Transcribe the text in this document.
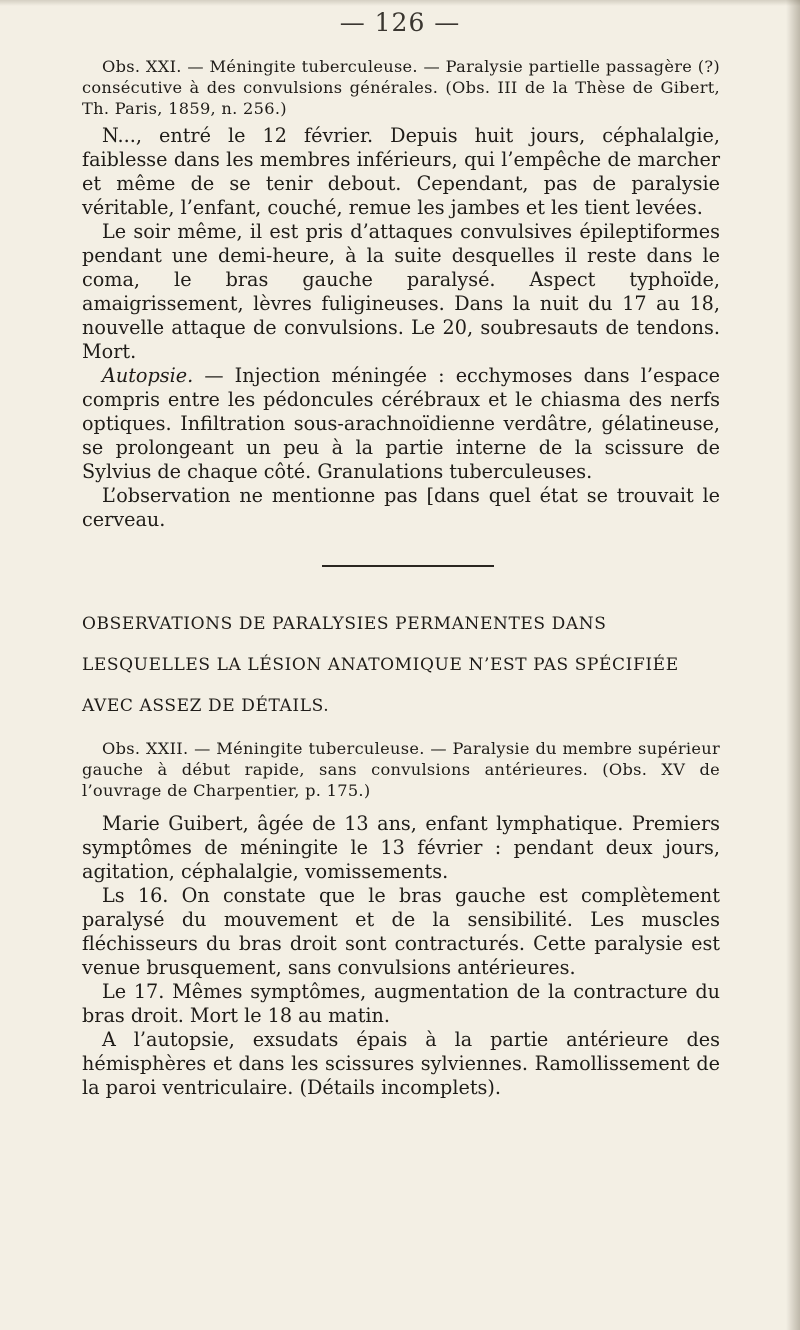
— 126 —

Obs. XXI. — Méningite tuberculeuse. — Paralysie partielle passagère (?) consécutive à des convulsions générales. (Obs. III de la Thèse de Gibert, Th. Paris, 1859, n. 256.)

N..., entré le 12 février. Depuis huit jours, céphalalgie, faiblesse dans les membres inférieurs, qui l’empêche de marcher et même de se tenir debout. Cependant, pas de paralysie véritable, l’enfant, couché, remue les jambes et les tient levées.

Le soir même, il est pris d’attaques convulsives épileptiformes pendant une demi-heure, à la suite desquelles il reste dans le coma, le bras gauche paralysé. Aspect typhoïde, amaigrissement, lèvres fuligineuses. Dans la nuit du 17 au 18, nouvelle attaque de convulsions. Le 20, soubresauts de tendons. Mort.

Autopsie. — Injection méningée : ecchymoses dans l’espace compris entre les pédoncules cérébraux et le chiasma des nerfs optiques. Infiltration sous-arachnoïdienne verdâtre, gélatineuse, se prolongeant un peu à la partie interne de la scissure de Sylvius de chaque côté. Granulations tuberculeuses.

L’observation ne mentionne pas [dans quel état se trouvait le cerveau.

OBSERVATIONS DE PARALYSIES PERMANENTES DANS LESQUELLES LA LÉSION ANATOMIQUE N’EST PAS SPÉCIFIÉE AVEC ASSEZ DE DÉTAILS.

Obs. XXII. — Méningite tuberculeuse. — Paralysie du membre supérieur gauche à début rapide, sans convulsions antérieures. (Obs. XV de l’ouvrage de Charpentier, p. 175.)

Marie Guibert, âgée de 13 ans, enfant lymphatique. Premiers symptômes de méningite le 13 février : pendant deux jours, agitation, céphalalgie, vomissements.

Ls 16. On constate que le bras gauche est complètement paralysé du mouvement et de la sensibilité. Les muscles fléchisseurs du bras droit sont contracturés. Cette paralysie est venue brusquement, sans convulsions antérieures.

Le 17. Mêmes symptômes, augmentation de la contracture du bras droit. Mort le 18 au matin.

A l’autopsie, exsudats épais à la partie antérieure des hémisphères et dans les scissures sylviennes. Ramollissement de la paroi ventriculaire. (Détails incomplets).
